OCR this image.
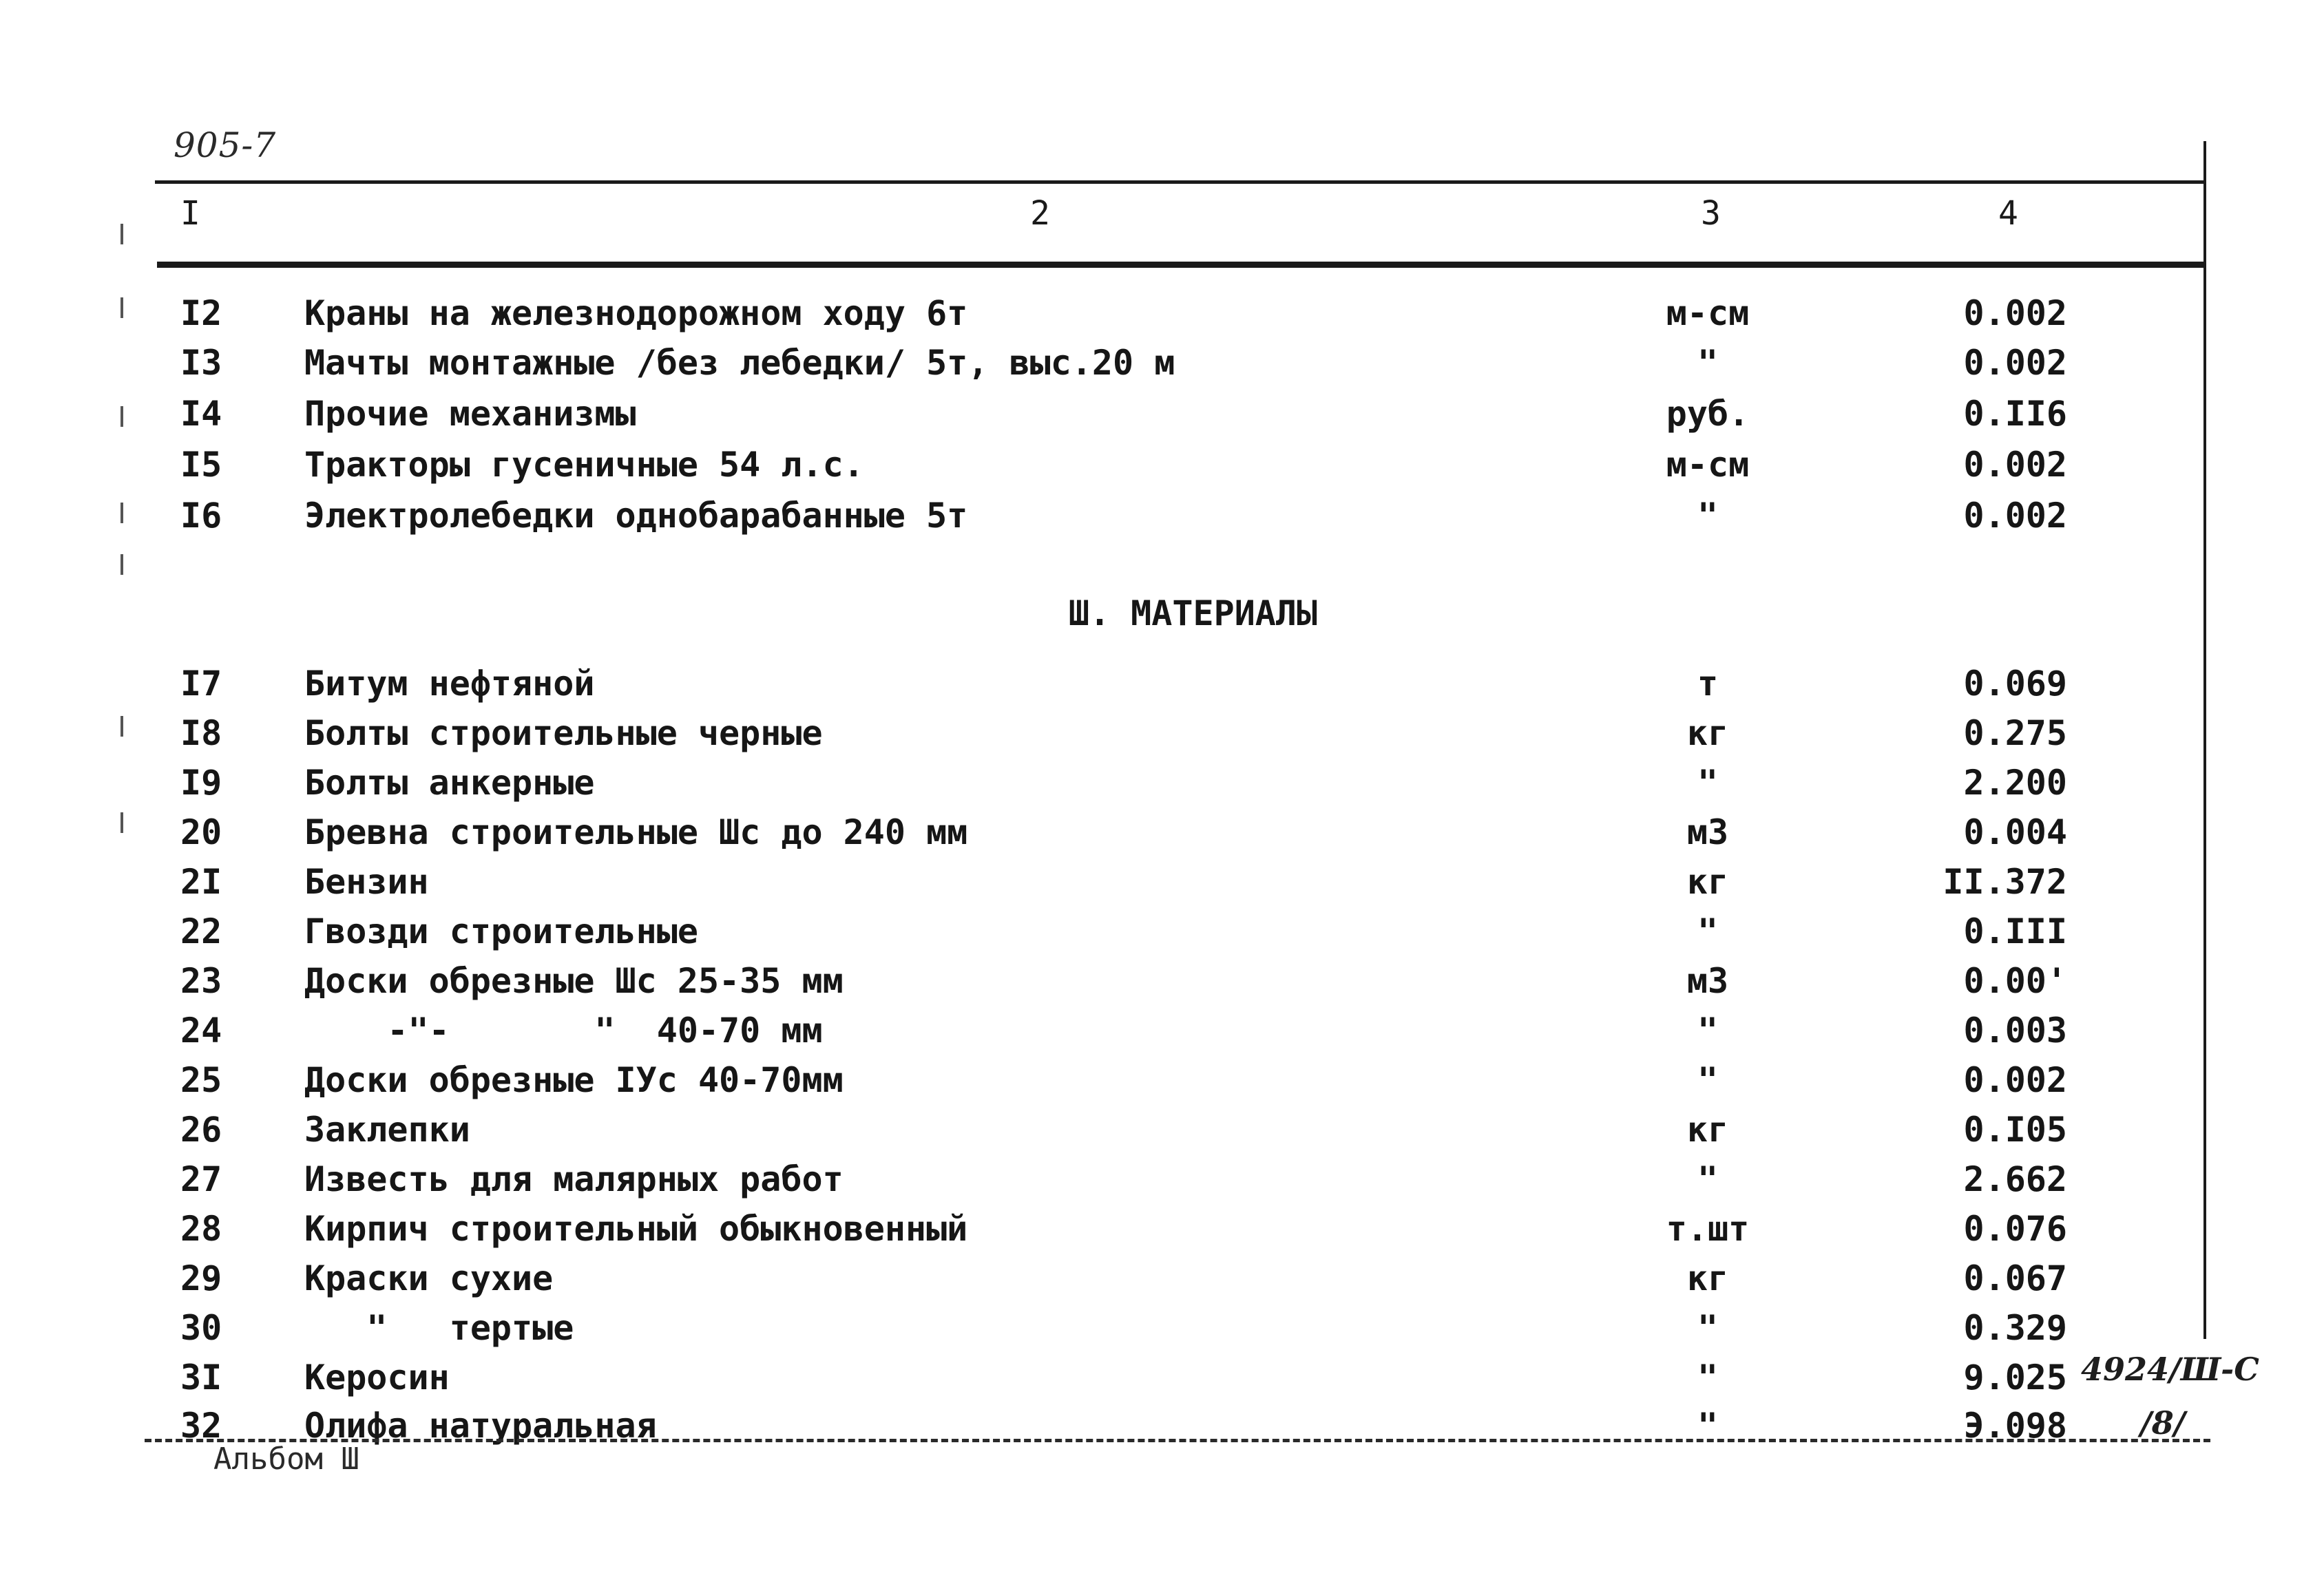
905-7
I	2	3	4
I2 Краны на железнодорожном ходу 6т	м-см	0.002
I3 Мачты монтажные /без лебедки/ 5т, выс.20 м	"	0.002
I4 Прочие механизмы	руб.	0.II6
I5 Тракторы гусеничные 54 л.с.	м-см	0.002
I6 Электролебедки однобарабанные 5т	"	0.002
Ш. МАТЕРИАЛЫ
I7 Битум нефтяной	т	0.069
I8 Болты строительные черные	кг	0.275
I9 Болты анкерные	"	2.200
20 Бревна строительные Шс до 240 мм	м3	0.004
2I Бензин	кг	II.372
22 Гвозди строительные	"	0.III
23 Доски обрезные Шс 25-35 мм	м3	0.00'
24 -"-       "  40-70 мм	"	0.003
25 Доски обрезные IУс 40-70мм	"	0.002
26 Заклепки	кг	0.I05
27 Известь для малярных работ	"	2.662
28 Кирпич строительный обыкновенный	т.шт	0.076
29 Краски сухие	кг	0.067
30 "   тертые	"	0.329
3I Керосин	"	9.025
32 Олифа натуральная	"	Э.098
4924/Ш-С
/8/
Альбом Ш
